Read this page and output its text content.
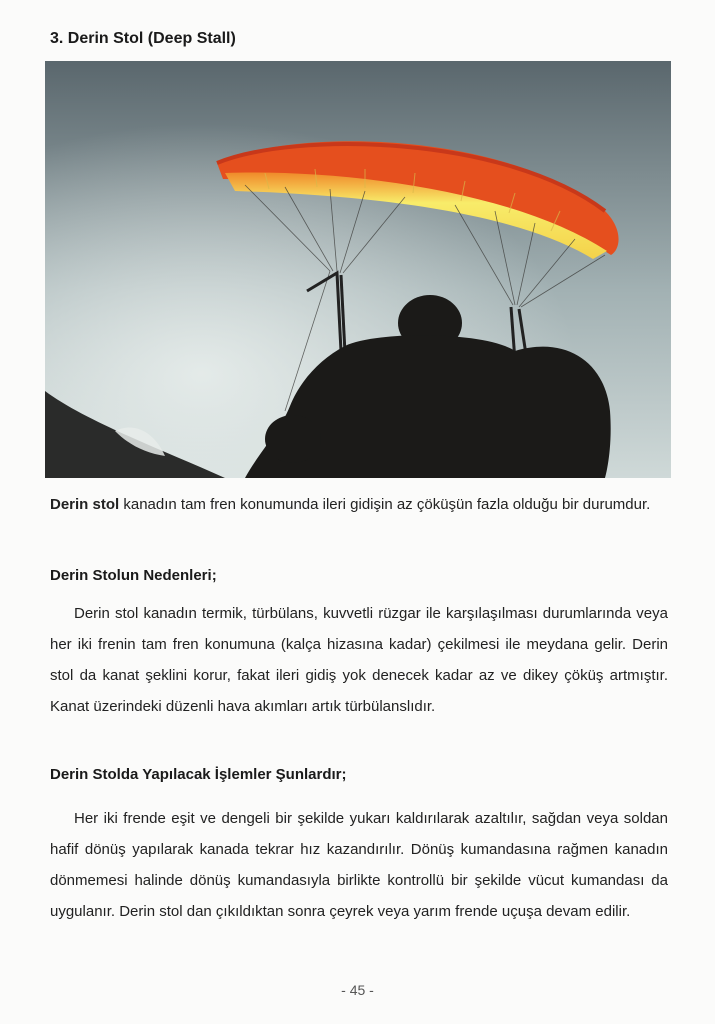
3. Derin Stol (Deep Stall)

Derin stol kanadın tam fren konumunda ileri gidişin az çöküşün fazla olduğu bir durumdur.

Derin Stolun Nedenleri;

Derin stol kanadın termik, türbülans, kuvvetli rüzgar ile karşılaşılması durumlarında veya her iki frenin tam fren konumuna (kalça hizasına kadar) çekilmesi ile meydana gelir. Derin stol da kanat şeklini korur, fakat ileri gidiş yok denecek kadar az ve dikey çöküş artmıştır. Kanat üzerindeki düzenli hava akımları artık türbülanslıdır.

Derin Stolda Yapılacak İşlemler Şunlardır;

Her iki frende eşit ve dengeli bir şekilde yukarı kaldırılarak azaltılır, sağdan veya soldan hafif dönüş yapılarak kanada tekrar hız kazandırılır. Dönüş kumandasına rağmen kanadın dönmemesi halinde dönüş kumandasıyla birlikte kontrollü bir şekilde vücut kumandası da uygulanır. Derin stol dan çıkıldıktan sonra çeyrek veya yarım frende uçuşa devam edilir.

- 45 -
